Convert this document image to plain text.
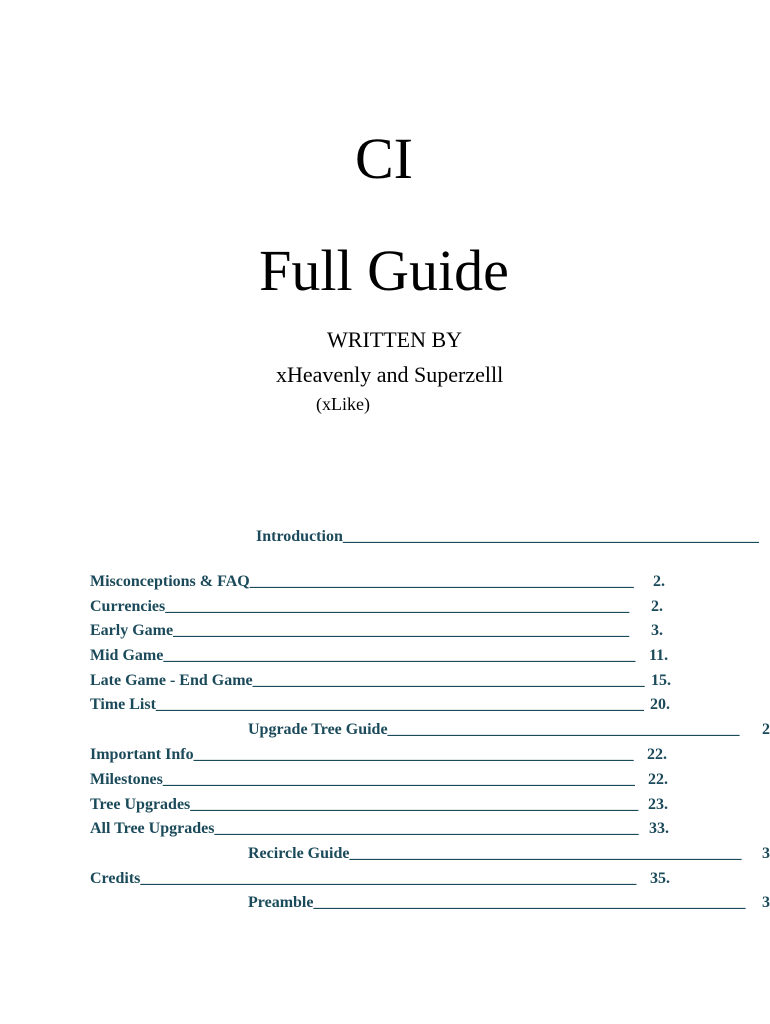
CI
Full Guide
WRITTEN BY
xHeavenly and Superzelll
(xLike)
Introduction____________________________________________________
Misconceptions & FAQ________________________________________________ 2.
Currencies__________________________________________________________ 2.
Early Game_________________________________________________________ 3.
Mid Game___________________________________________________________ 11.
Late Game - End Game_________________________________________________ 15.
Time List_____________________________________________________________ 20.
Upgrade Tree Guide____________________________________________ 2
Important Info_______________________________________________________ 22.
Milestones___________________________________________________________ 22.
Tree Upgrades________________________________________________________ 23.
All Tree Upgrades_____________________________________________________ 33.
Recircle Guide_________________________________________________ 3
Credits______________________________________________________________ 35.
Preamble______________________________________________________ 3
